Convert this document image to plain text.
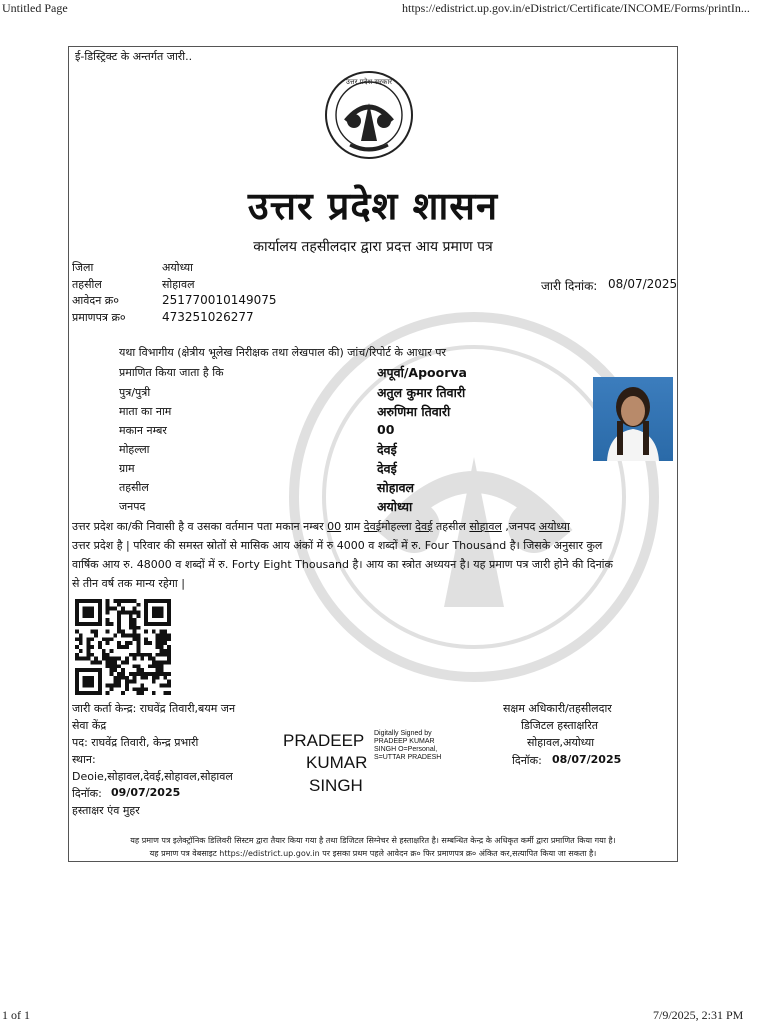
Untitled Page	https://edistrict.up.gov.in/eDistrict/Certificate/INCOME/Forms/printIn...
ई-डिस्ट्रिक्ट के अन्तर्गत जारी..
उत्तर प्रदेश सरकार
उत्तर प्रदेश शासन
कार्यालय तहसीलदार द्वारा प्रदत्त आय प्रमाण पत्र
जिला	अयोध्या
तहसील	सोहावल
आवेदन क्र०	251770010149075
प्रमाणपत्र क्र०	473251026277
जारी दिनांक: 08/07/2025
यथा विभागीय (क्षेत्रीय भूलेख निरीक्षक तथा लेखपाल की) जांच/रिपोर्ट के आधार पर
प्रमाणित किया जाता है कि	अपूर्वा/Apoorva
पुत्र/पुत्री	अतुल कुमार तिवारी
माता का नाम	अरुणिमा तिवारी
मकान नम्बर	00
मोहल्ला	देवई
ग्राम	देवई
तहसील	सोहावल
जनपद	अयोध्या
उत्तर प्रदेश का/की निवासी है व उसका वर्तमान पता मकान नम्बर 00 ग्राम देवईमोहल्ला देवई तहसील सोहावल ,जनपद अयोध्या
उत्तर प्रदेश है | परिवार की समस्त स्रोतों से मासिक आय अंकों में रु 4000 व शब्दों में रु. Four Thousand है। जिसके अनुसार कुल
वार्षिक आय रु. 48000 व शब्दों में रु. Forty Eight Thousand है। आय का स्त्रोत अध्ययन है। यह प्रमाण पत्र जारी होने की दिनांक
से तीन वर्ष तक मान्य रहेगा |
जारी कर्ता केन्द्र: राघवेंद्र तिवारी,बयम जन
सेवा केंद्र
पद: राघवेंद्र तिवारी, केन्द्र प्रभारी
स्थान:
Deoie,सोहावल,देवई,सोहावल,सोहावल
दिनॉक: 09/07/2025
हस्ताक्षर एंव मुहर
PRADEEP
KUMAR
SINGH
Digitally Signed by
PRADEEP KUMAR
SINGH O=Personal,
S=UTTAR PRADESH
सक्षम अधिकारी/तहसीलदार
डिजिटल हस्ताक्षरित
सोहावल,अयोध्या
दिनॉक: 08/07/2025
यह प्रमाण पत्र इलेक्ट्रॉनिक डिलिवरी सिस्टम द्वारा तैयार किया गया है तथा डिजिटल सिग्नेचर से हस्ताक्षरित है। सम्बन्धित केन्द्र के अधिकृत कर्मी द्वारा प्रमाणित किया गया है।
यह प्रमाण पत्र वेबसाइट https://edistrict.up.gov.in पर इसका प्रथम पहले आवेदन क्र० फिर प्रमाणपत्र क्र० अंकित कर,सत्यापित किया जा सकता है।
1 of 1	7/9/2025, 2:31 PM
